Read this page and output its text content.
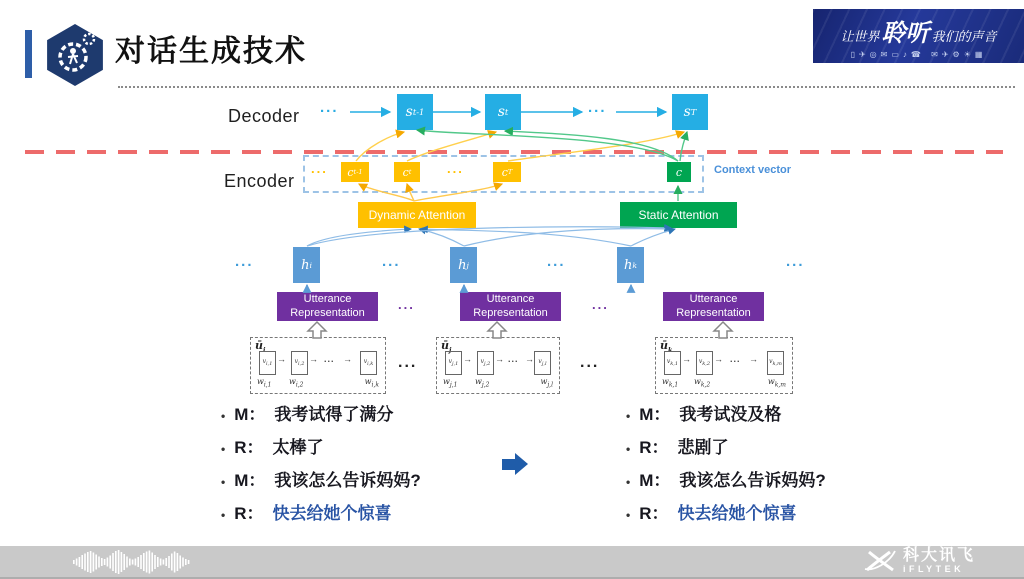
对话生成技术	让世界 聆听 我们的声音
▯✈◎✉▭♪☎ ✉✈⚙☀▦
Decoder
Encoder
Context vector
s t-1	s t	s T
c t-1	c t	c T	c
Dynamic Attention	Static Attention
h i	h j	h k
Utterance
Representation
Utterance
Representation
Utterance
Representation
$ū_i$
$v_{i,1}$
→ $v_{i,2}$
→ ... → $v_{i,k}$
$w_{i,1}$ $w_{i,2}$	$w_{i,k}$
$ū_j$
$v_{j,1}$
→ $v_{j,2}$
→ ... → $v_{j,l}$
$w_{j,1}$ $w_{j,2}$	$w_{j,l}$
$ū_k$
$v_{k,1}$
→ $v_{k,2}$
→ ... → $v_{k,m}$
$w_{k,1}$ $w_{k,2}$	$w_{k,m}$
...	...
...	...
...	...	...	...
...	...
...	...
• M： 我考试得了满分
• R： 太棒了
• M： 我该怎么告诉妈妈?
• R： 快去给她个惊喜
• M： 我考试没及格
• R： 悲剧了
• M： 我该怎么告诉妈妈?
• R： 快去给她个惊喜
科大讯飞
iFLYTEK
